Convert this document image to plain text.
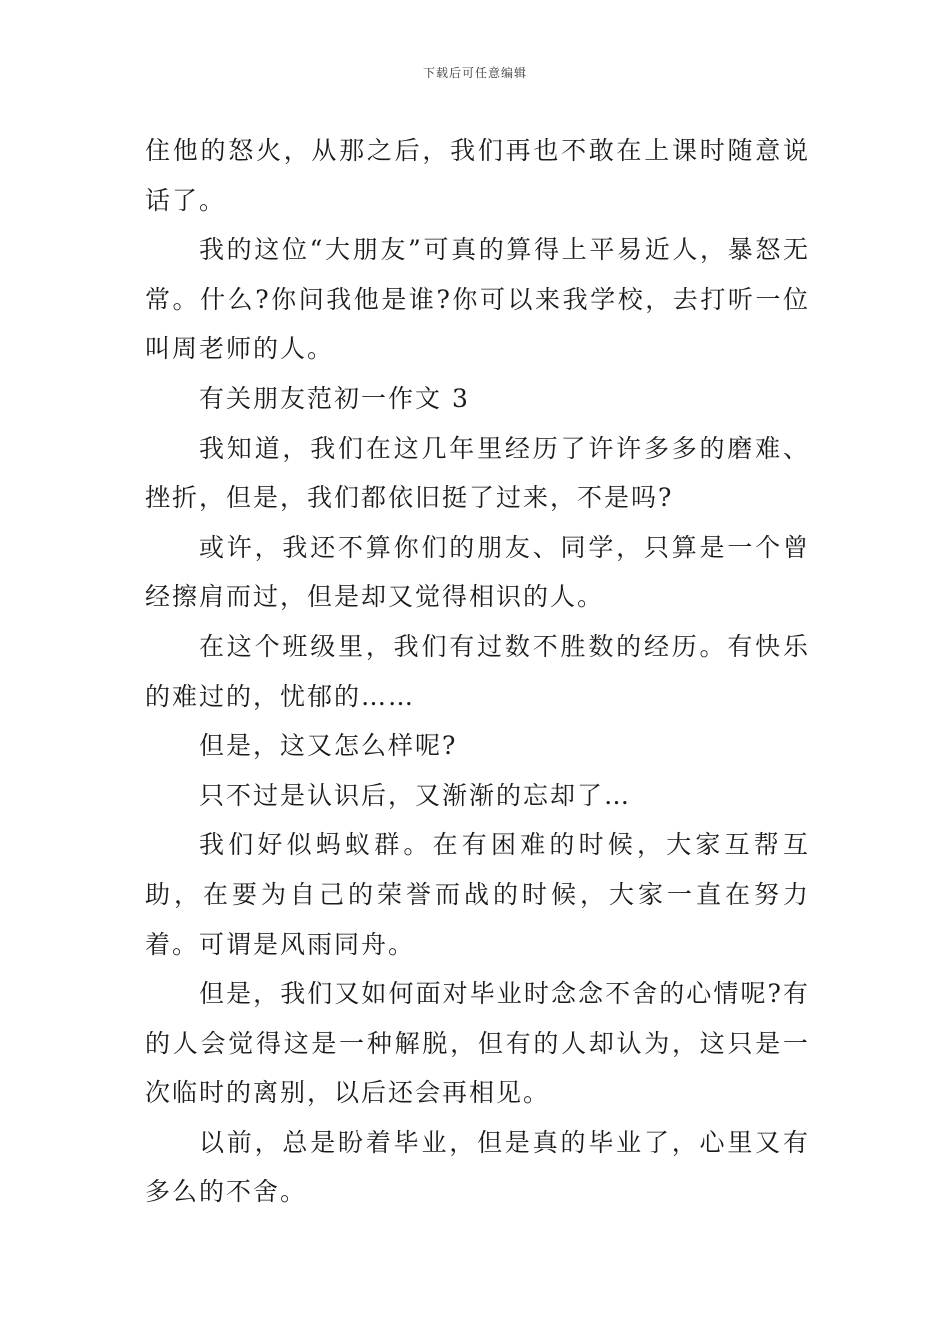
下载后可任意编辑

住他的怒火，从那之后，我们再也不敢在上课时随意说话了。

我的这位“大朋友”可真的算得上平易近人，暴怒无常。什么?你问我他是谁?你可以来我学校，去打听一位叫周老师的人。

有关朋友范初一作文 3

我知道，我们在这几年里经历了许许多多的磨难、挫折，但是，我们都依旧挺了过来，不是吗?

或许，我还不算你们的朋友、同学，只算是一个曾经擦肩而过，但是却又觉得相识的人。

在这个班级里，我们有过数不胜数的经历。有快乐的难过的，忧郁的……

但是，这又怎么样呢?

只不过是认识后，又渐渐的忘却了…

我们好似蚂蚁群。在有困难的时候，大家互帮互助，在要为自己的荣誉而战的时候，大家一直在努力着。可谓是风雨同舟。

但是，我们又如何面对毕业时念念不舍的心情呢?有的人会觉得这是一种解脱，但有的人却认为，这只是一次临时的离别，以后还会再相见。

以前，总是盼着毕业，但是真的毕业了，心里又有多么的不舍。
